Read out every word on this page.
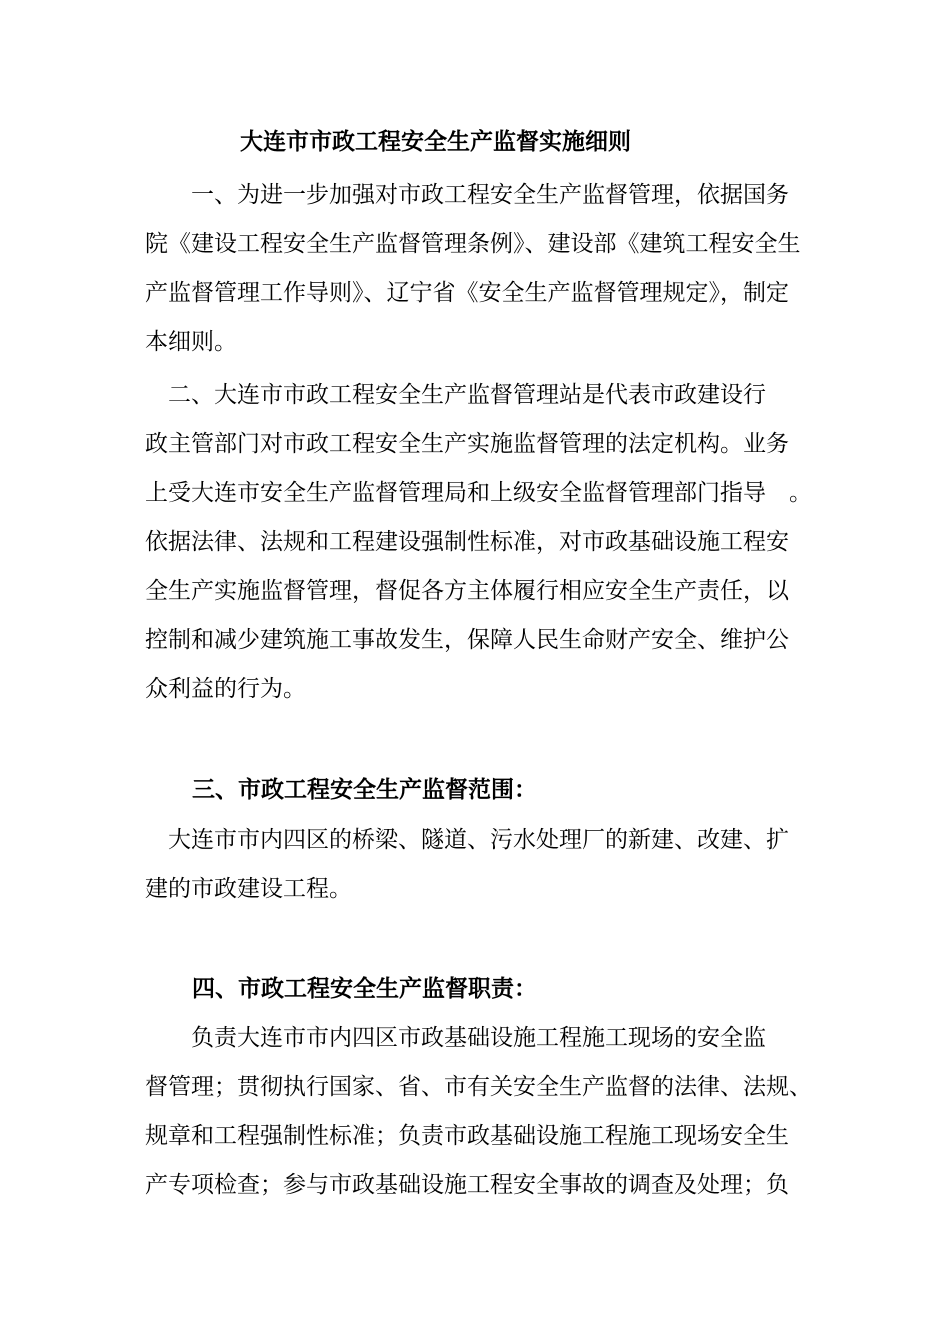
大连市市政工程安全生产监督实施细则
　　一、为进一步加强对市政工程安全生产监督管理，依据国务
院《建设工程安全生产监督管理条例》、建设部《建筑工程安全生
产监督管理工作导则》、辽宁省《安全生产监督管理规定》，制定
本细则。
　二、大连市市政工程安全生产监督管理站是代表市政建设行
政主管部门对市政工程安全生产实施监督管理的法定机构。业务
上受大连市安全生产监督管理局和上级安全监督管理部门指导　。
依据法律、法规和工程建设强制性标准，对市政基础设施工程安
全生产实施监督管理，督促各方主体履行相应安全生产责任，以
控制和减少建筑施工事故发生，保障人民生命财产安全、维护公
众利益的行为。
三、市政工程安全生产监督范围：
　大连市市内四区的桥梁、隧道、污水处理厂的新建、改建、扩
建的市政建设工程。
四、市政工程安全生产监督职责：
　　负责大连市市内四区市政基础设施工程施工现场的安全监
督管理；贯彻执行国家、省、市有关安全生产监督的法律、法规、
规章和工程强制性标准；负责市政基础设施工程施工现场安全生
产专项检查；参与市政基础设施工程安全事故的调查及处理；负
